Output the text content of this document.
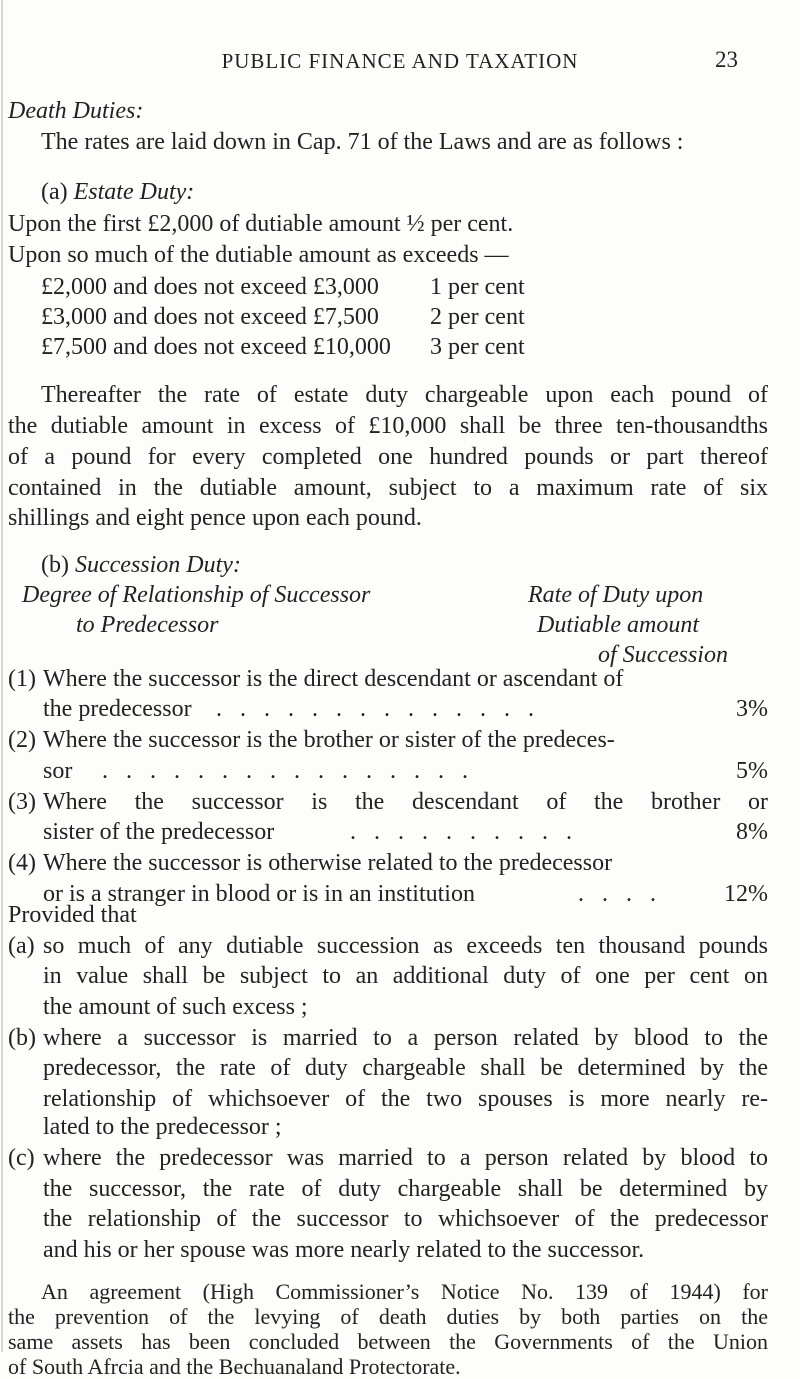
PUBLIC FINANCE AND TAXATION	23
Death Duties:
The rates are laid down in Cap. 71 of the Laws and are as follows :
(a) Estate Duty:
Upon the first £2,000 of dutiable amount ½ per cent.
Upon so much of the dutiable amount as exceeds —
£2,000 and does not exceed £3,000 1 per cent
£3,000 and does not exceed £7,500 2 per cent
£7,500 and does not exceed £10,000 3 per cent
Thereafter the rate of estate duty chargeable upon each pound of
the dutiable amount in excess of £10,000 shall be three ten-thousandths
of a pound for every completed one hundred pounds or part thereof
contained in the dutiable amount, subject to a maximum rate of six
shillings and eight pence upon each pound.
(b) Succession Duty:
Degree of Relationship of Successor
to Predecessor
Rate of Duty upon
Dutiable amount
of Succession
(1) Where the successor is the direct descendant or ascendant of
the predecessor . . . . . . . . . . . . . .	3%
(2) Where the successor is the brother or sister of the predeces-
sor . . . . . . . . . . . . . . . .	5%
(3) Where the successor is the descendant of the brother or
sister of the predecessor	. . . . . . . . . .	8%
(4) Where the successor is otherwise related to the predecessor
or is a stranger in blood or is in an institution	. . . .	12%
Provided that
(a) so much of any dutiable succession as exceeds ten thousand pounds
in value shall be subject to an additional duty of one per cent on
the amount of such excess ;
(b) where a successor is married to a person related by blood to the
predecessor, the rate of duty chargeable shall be determined by the
relationship of whichsoever of the two spouses is more nearly re-
lated to the predecessor ;
(c) where the predecessor was married to a person related by blood to
the successor, the rate of duty chargeable shall be determined by
the relationship of the successor to whichsoever of the predecessor
and his or her spouse was more nearly related to the successor.
An agreement (High Commissioner’s Notice No. 139 of 1944) for
the prevention of the levying of death duties by both parties on the
same assets has been concluded between the Governments of the Union
of South Afrcia and the Bechuanaland Protectorate.
